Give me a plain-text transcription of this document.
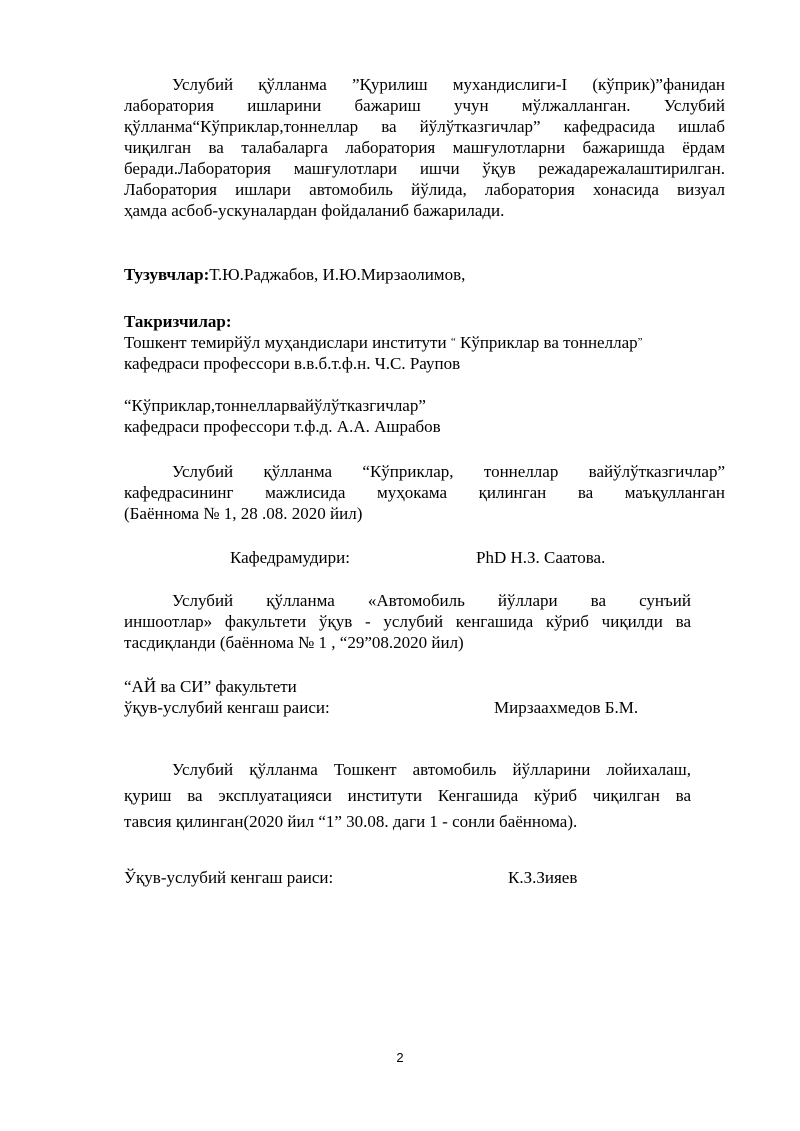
Услубий қўлланма ”Қурилиш мухандислиги-I (кўприк)”фанидан
лаборатория ишларини бажариш учун мўлжалланган. Услубий
қўлланма“Кўприклар,тоннеллар ва йўлўтказгичлар” кафедрасида ишлаб
чиқилган ва талабаларга лаборатория машғулотларни бажаришда ёрдам
беради.Лаборатория машғулотлари ишчи ўқув режадарежалаштирилган.
Лаборатория ишлари автомобиль йўлида, лаборатория хонасида визуал
ҳамда асбоб-ускуналардан фойдаланиб бажарилади.
Тузувчлар:Т.Ю.Раджабов, И.Ю.Мирзаолимов,
Такризчилар:
Тошкент темирйўл муҳандислари институти “ Кўприклар ва тоннеллар”
кафедраси профессори в.в.б.т.ф.н. Ч.С. Раупов
“Кўприклар,тоннелларвайўлўтказгичлар”
кафедраси профессори т.ф.д. А.А. Ашрабов
Услубий қўлланма “Кўприклар, тоннеллар вайўлўтказгичлар”
кафедрасининг мажлисида муҳокама қилинган ва маъқулланган
(Баённома № 1, 28 .08. 2020 йил)
Кафедрамудири:	PhD Н.З. Саатова.
Услубий қўлланма «Автомобиль йўллари ва сунъий
иншоотлар» факультети ўқув - услубий кенгашида кўриб чиқилди ва
тасдиқланди (баённома № 1 , “29”08.2020 йил)
“АЙ ва СИ” факультети
ўқув-услубий кенгаш раиси:	Мирзаахмедов Б.М.
Услубий қўлланма Тошкент автомобиль йўлларини лойихалаш,
қуриш ва эксплуатацияси институти Кенгашида кўриб чиқилган ва
тавсия қилинган(2020 йил “1” 30.08. даги 1 - сонли баённома).
Ўқув-услубий кенгаш раиси:	К.З.Зияев
2
